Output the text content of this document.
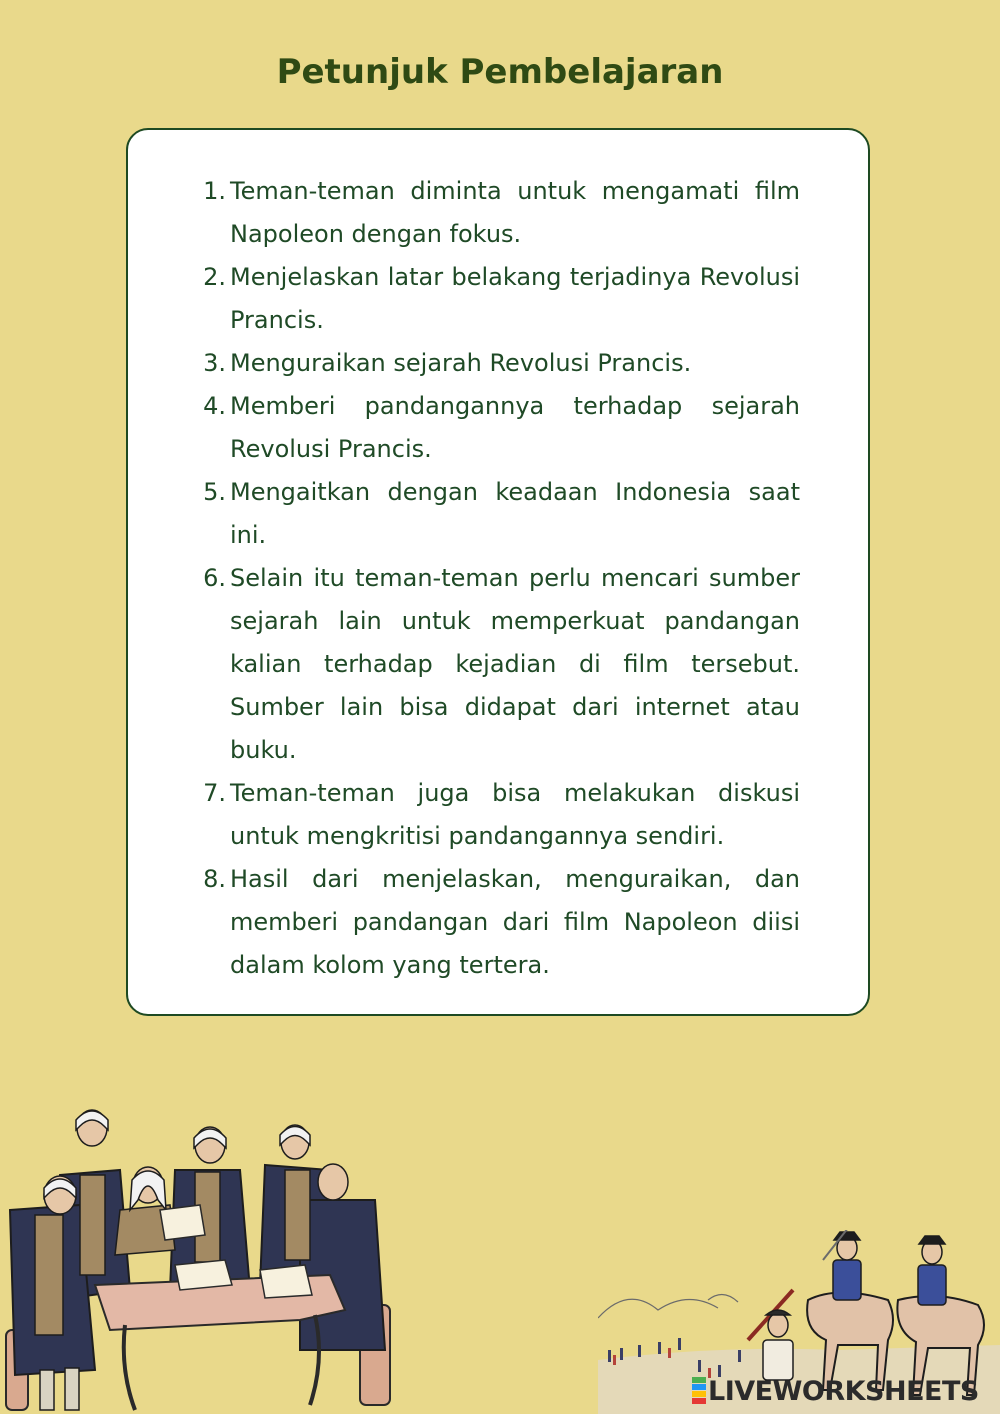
Petunjuk Pembelajaran
1. Teman-teman diminta untuk mengamati film Napoleon dengan fokus.
2. Menjelaskan latar belakang terjadinya Revolusi Prancis.
3. Menguraikan sejarah Revolusi Prancis.
4. Memberi pandangannya terhadap sejarah Revolusi Prancis.
5. Mengaitkan dengan keadaan Indonesia saat ini.
6. Selain itu teman-teman perlu mencari sumber sejarah lain untuk memperkuat pandangan kalian terhadap kejadian di film tersebut. Sumber lain bisa didapat dari internet atau buku.
7. Teman-teman juga bisa melakukan diskusi untuk mengkritisi pandangannya sendiri.
8. Hasil dari menjelaskan, menguraikan, dan memberi pandangan dari film Napoleon diisi dalam kolom yang tertera.
LIVEWORKSHEETS
